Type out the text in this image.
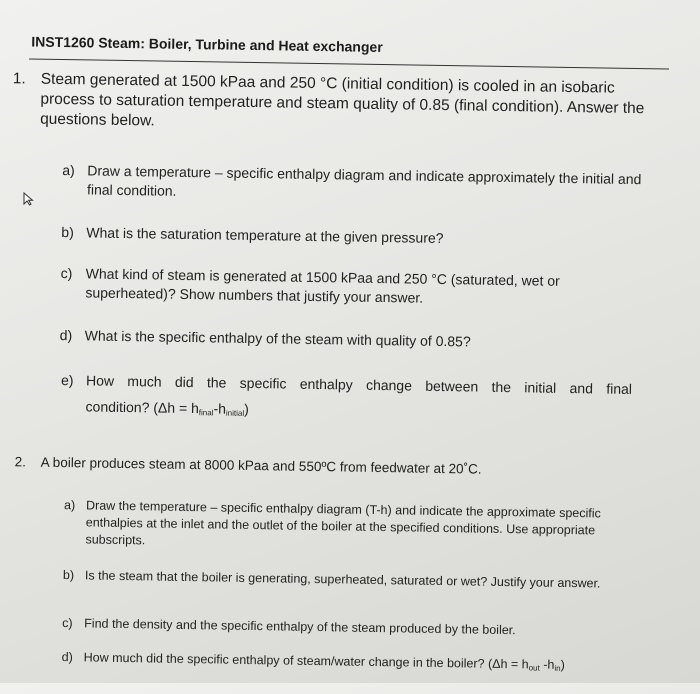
INST1260 Steam: Boiler, Turbine and Heat exchanger
1. Steam generated at 1500 kPaa and 250 °C (initial condition) is cooled in an isobaric process to saturation temperature and steam quality of 0.85 (final condition). Answer the questions below.
a) Draw a temperature – specific enthalpy diagram and indicate approximately the initial and final condition.
b) What is the saturation temperature at the given pressure?
c) What kind of steam is generated at 1500 kPaa and 250 °C (saturated, wet or superheated)? Show numbers that justify your answer.
d) What is the specific enthalpy of the steam with quality of 0.85?
e) How much did the specific enthalpy change between the initial and final
condition? $(\Delta h = h_{final}-h_{initial})$
2. A boiler produces steam at 8000 kPaa and 550ºC from feedwater at 20˚C.
a) Draw the temperature – specific enthalpy diagram (T-h) and indicate the approximate specific enthalpies at the inlet and the outlet of the boiler at the specified conditions. Use appropriate subscripts.
b) Is the steam that the boiler is generating, superheated, saturated or wet? Justify your answer.
c) Find the density and the specific enthalpy of the steam produced by the boiler.
d) How much did the specific enthalpy of steam/water change in the boiler? ($\Delta h = h_{out}$ $-h_{in}$)
